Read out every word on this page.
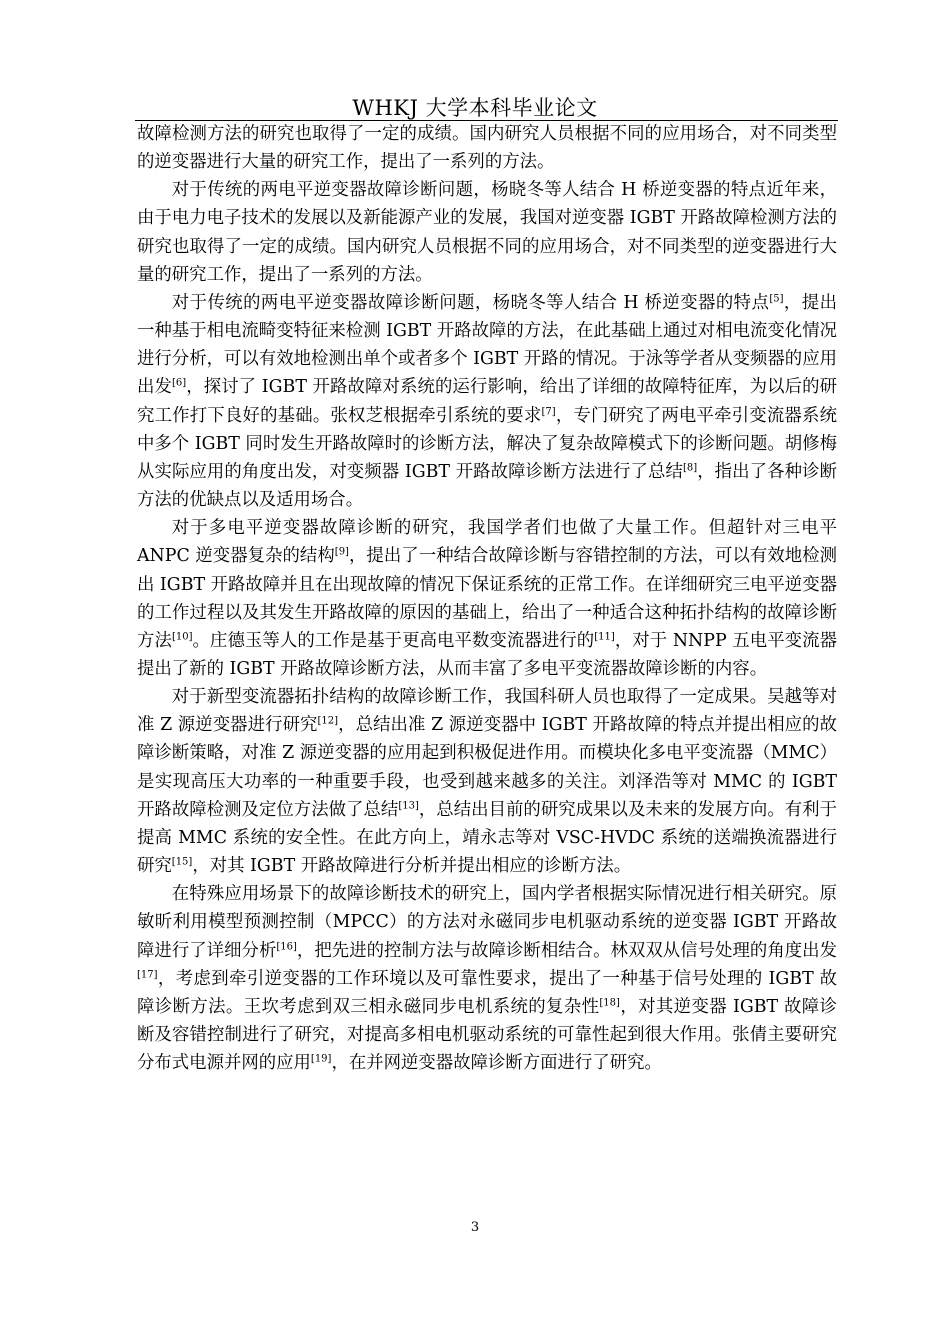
WHKJ 大学本科毕业论文

故障检测方法的研究也取得了一定的成绩。国内研究人员根据不同的应用场合，对不同类型的逆变器进行大量的研究工作，提出了一系列的方法。

对于传统的两电平逆变器故障诊断问题，杨晓冬等人结合 H 桥逆变器的特点近年来，由于电力电子技术的发展以及新能源产业的发展，我国对逆变器 IGBT 开路故障检测方法的研究也取得了一定的成绩。国内研究人员根据不同的应用场合，对不同类型的逆变器进行大量的研究工作，提出了一系列的方法。

对于传统的两电平逆变器故障诊断问题，杨晓冬等人结合 H 桥逆变器的特点[5]，提出一种基于相电流畸变特征来检测 IGBT 开路故障的方法，在此基础上通过对相电流变化情况进行分析，可以有效地检测出单个或者多个 IGBT 开路的情况。于泳等学者从变频器的应用出发[6]，探讨了 IGBT 开路故障对系统的运行影响，给出了详细的故障特征库，为以后的研究工作打下良好的基础。张权芝根据牵引系统的要求[7]，专门研究了两电平牵引变流器系统中多个 IGBT 同时发生开路故障时的诊断方法，解决了复杂故障模式下的诊断问题。胡修梅从实际应用的角度出发，对变频器 IGBT 开路故障诊断方法进行了总结[8]，指出了各种诊断方法的优缺点以及适用场合。

对于多电平逆变器故障诊断的研究，我国学者们也做了大量工作。但超针对三电平 ANPC 逆变器复杂的结构[9]，提出了一种结合故障诊断与容错控制的方法，可以有效地检测出 IGBT 开路故障并且在出现故障的情况下保证系统的正常工作。在详细研究三电平逆变器的工作过程以及其发生开路故障的原因的基础上，给出了一种适合这种拓扑结构的故障诊断方法[10]。庄德玉等人的工作是基于更高电平数变流器进行的[11]，对于 NNPP 五电平变流器提出了新的 IGBT 开路故障诊断方法，从而丰富了多电平变流器故障诊断的内容。

对于新型变流器拓扑结构的故障诊断工作，我国科研人员也取得了一定成果。吴越等对准 Z 源逆变器进行研究[12]，总结出准 Z 源逆变器中 IGBT 开路故障的特点并提出相应的故障诊断策略，对准 Z 源逆变器的应用起到积极促进作用。而模块化多电平变流器（MMC）是实现高压大功率的一种重要手段，也受到越来越多的关注。刘泽浩等对 MMC 的 IGBT 开路故障检测及定位方法做了总结[13]，总结出目前的研究成果以及未来的发展方向。有利于提高 MMC 系统的安全性。在此方向上，靖永志等对 VSC-HVDC 系统的送端换流器进行研究[15]，对其 IGBT 开路故障进行分析并提出相应的诊断方法。

在特殊应用场景下的故障诊断技术的研究上，国内学者根据实际情况进行相关研究。原敏昕利用模型预测控制（MPCC）的方法对永磁同步电机驱动系统的逆变器 IGBT 开路故障进行了详细分析[16]，把先进的控制方法与故障诊断相结合。林双双从信号处理的角度出发[17]，考虑到牵引逆变器的工作环境以及可靠性要求，提出了一种基于信号处理的 IGBT 故障诊断方法。王坎考虑到双三相永磁同步电机系统的复杂性[18]，对其逆变器 IGBT 故障诊断及容错控制进行了研究，对提高多相电机驱动系统的可靠性起到很大作用。张倩主要研究分布式电源并网的应用[19]，在并网逆变器故障诊断方面进行了研究。

3
